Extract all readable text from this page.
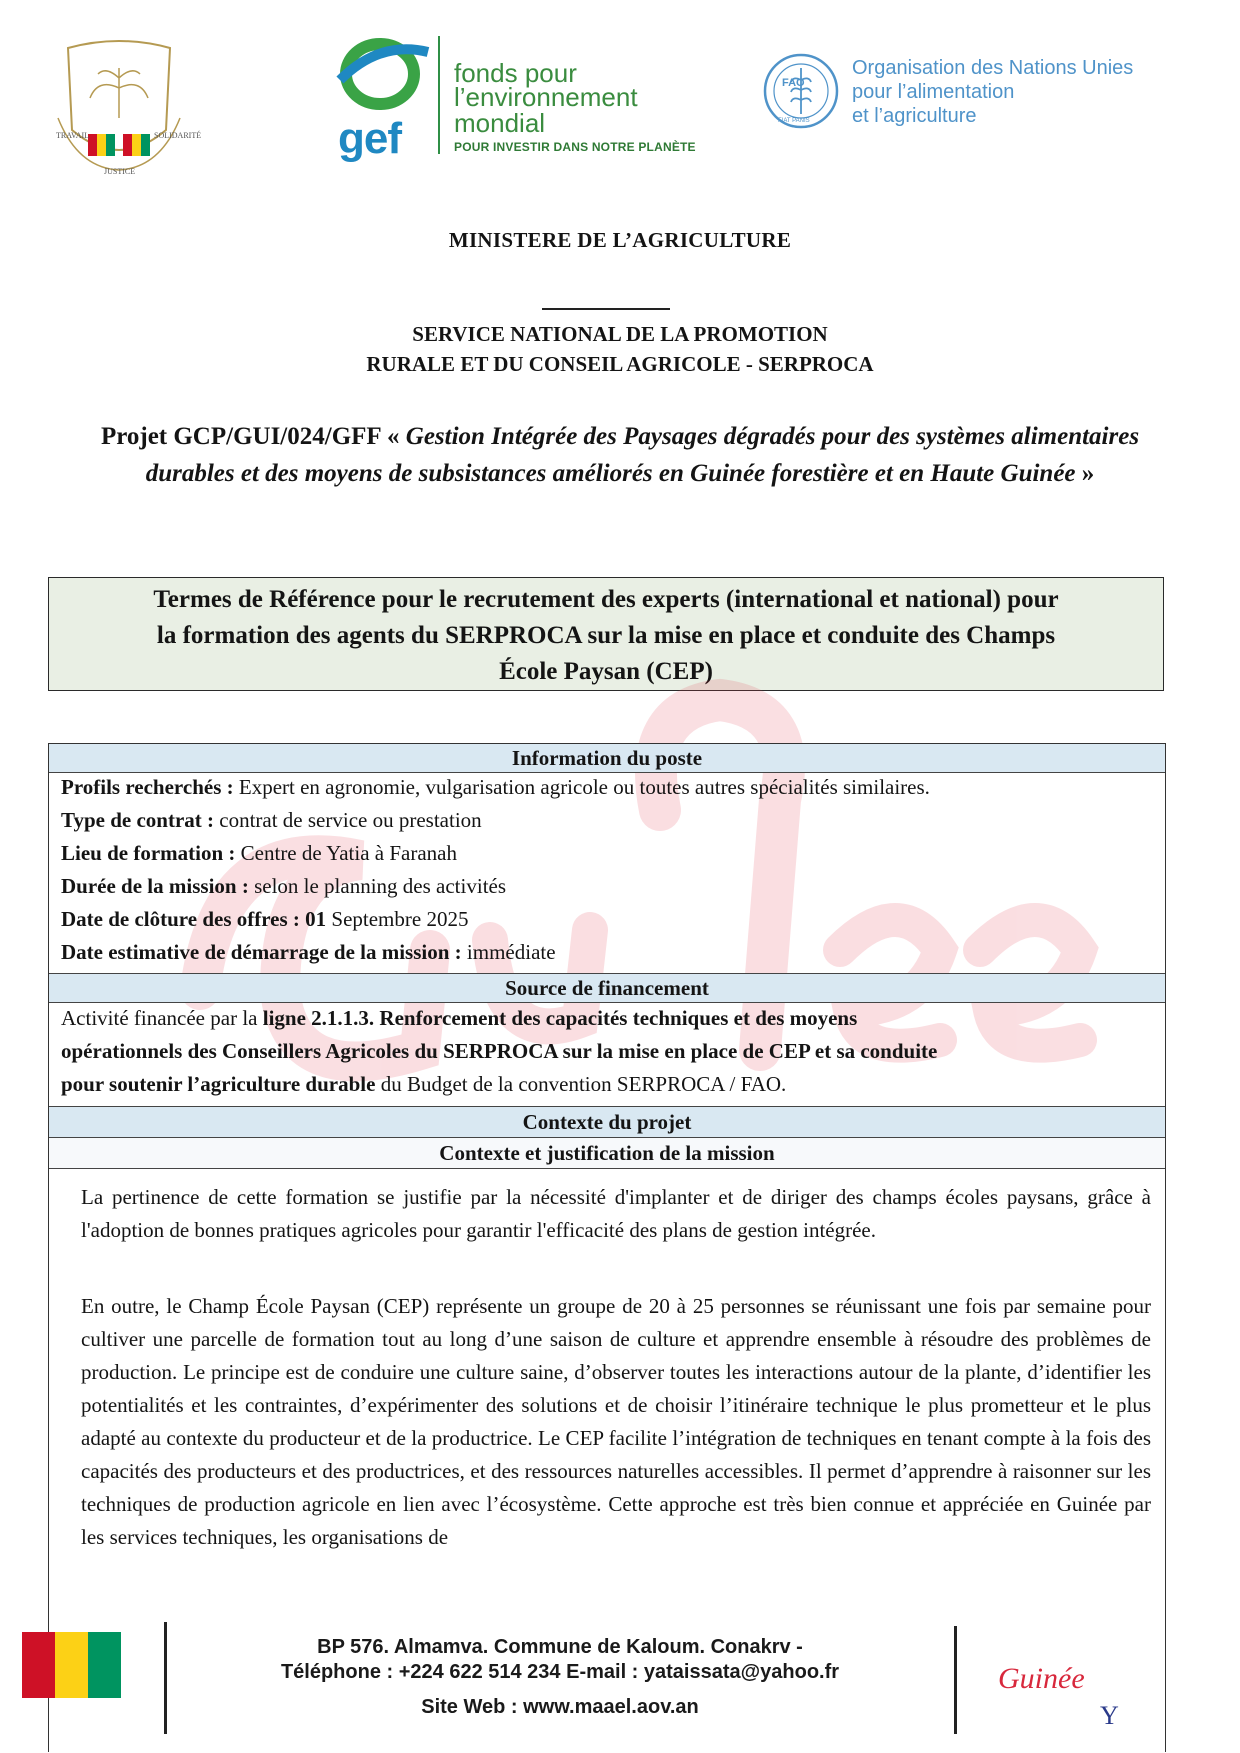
TRAVAIL	SOLIDARITÉ
JUSTICE
gef
fonds pour
l’environnement
mondial
POUR INVESTIR DANS NOTRE PLANÈTE
FAO
FIAT PANIS
Organisation des Nations Unies
pour l’alimentation
et l’agriculture
MINISTERE DE L’AGRICULTURE
SERVICE NATIONAL DE LA PROMOTION
RURALE ET DU CONSEIL AGRICOLE - SERPROCA
Projet GCP/GUI/024/GFF « Gestion Intégrée des Paysages dégradés pour des systèmes alimentaires durables et des moyens de subsistances améliorés en Guinée forestière et en Haute Guinée »
Termes de Référence pour le recrutement des experts (international et national) pour
la formation des agents du SERPROCA sur la mise en place et conduite des Champs
École Paysan (CEP)
Information du poste
Profils recherchés : Expert en agronomie, vulgarisation agricole ou toutes autres spécialités similaires.
Type de contrat : contrat de service ou prestation
Lieu de formation : Centre de Yatia à Faranah
Durée de la mission : selon le planning des activités
Date de clôture des offres : 01 Septembre 2025
Date estimative de démarrage de la mission : immédiate
Source de financement
Activité financée par la ligne 2.1.1.3. Renforcement des capacités techniques et des moyens
opérationnels des Conseillers Agricoles du SERPROCA sur la mise en place de CEP et sa conduite
pour soutenir l’agriculture durable du Budget de la convention SERPROCA / FAO.
Contexte du projet
Contexte et justification de la mission
La pertinence de cette formation se justifie par la nécessité d'implanter et de diriger des champs écoles paysans, grâce à l'adoption de bonnes pratiques agricoles pour garantir l'efficacité des plans de gestion intégrée.
En outre, le Champ École Paysan (CEP) représente un groupe de 20 à 25 personnes se réunissant une fois par semaine pour cultiver une parcelle de formation tout au long d’une saison de culture et apprendre ensemble à résoudre des problèmes de production. Le principe est de conduire une culture saine, d’observer toutes les interactions autour de la plante, d’identifier les potentialités et les contraintes, d’expérimenter des solutions et de choisir l’itinéraire technique le plus prometteur et le plus adapté au contexte du producteur et de la productrice. Le CEP facilite l’intégration de techniques en tenant compte à la fois des capacités des producteurs et des productrices, et des ressources naturelles accessibles. Il permet d’apprendre à raisonner sur les techniques de production agricole en lien avec l’écosystème. Cette approche est très bien connue et appréciée en Guinée par les services techniques, les organisations de
BP 576. Almamva. Commune de Kaloum. Conakrv -
Téléphone : +224 622 514 234 E-mail : yataissata@yahoo.fr
Site Web : www.maael.aov.an
Guinée
Y
